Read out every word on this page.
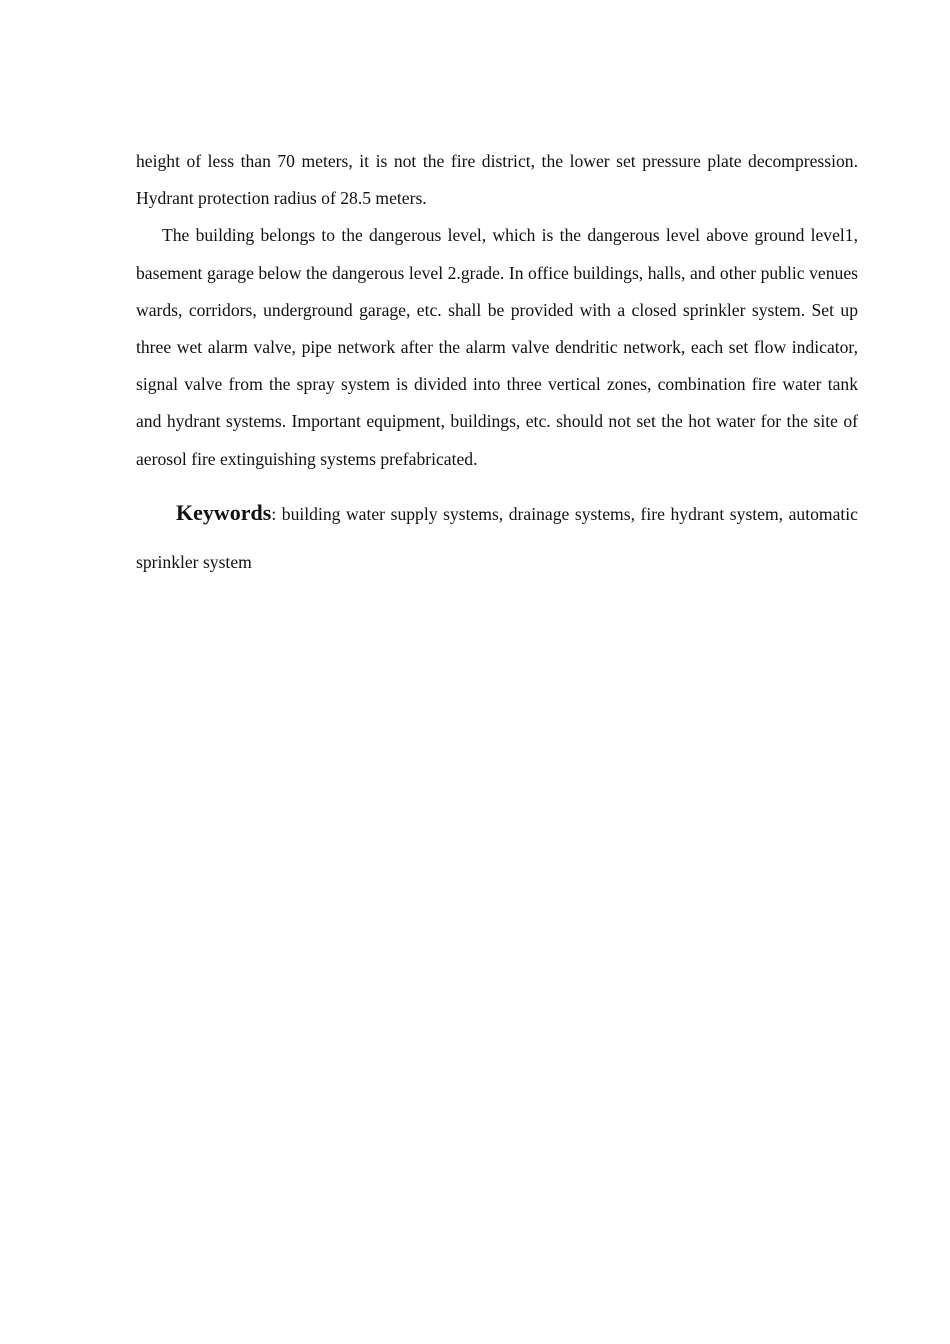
height of less than 70 meters, it is not the fire district, the lower set pressure plate decompression. Hydrant protection radius of 28.5 meters.

The building belongs to the dangerous level, which is the dangerous level above ground level1, basement garage below the dangerous level 2.grade. In office buildings, halls, and other public venues wards, corridors, underground garage, etc. shall be provided with a closed sprinkler system. Set up three wet alarm valve, pipe network after the alarm valve dendritic network, each set flow indicator, signal valve from the spray system is divided into three vertical zones, combination fire water tank and hydrant systems. Important equipment, buildings, etc. should not set the hot water for the site of aerosol fire extinguishing systems prefabricated.

Keywords: building water supply systems, drainage systems, fire hydrant system, automatic sprinkler system
